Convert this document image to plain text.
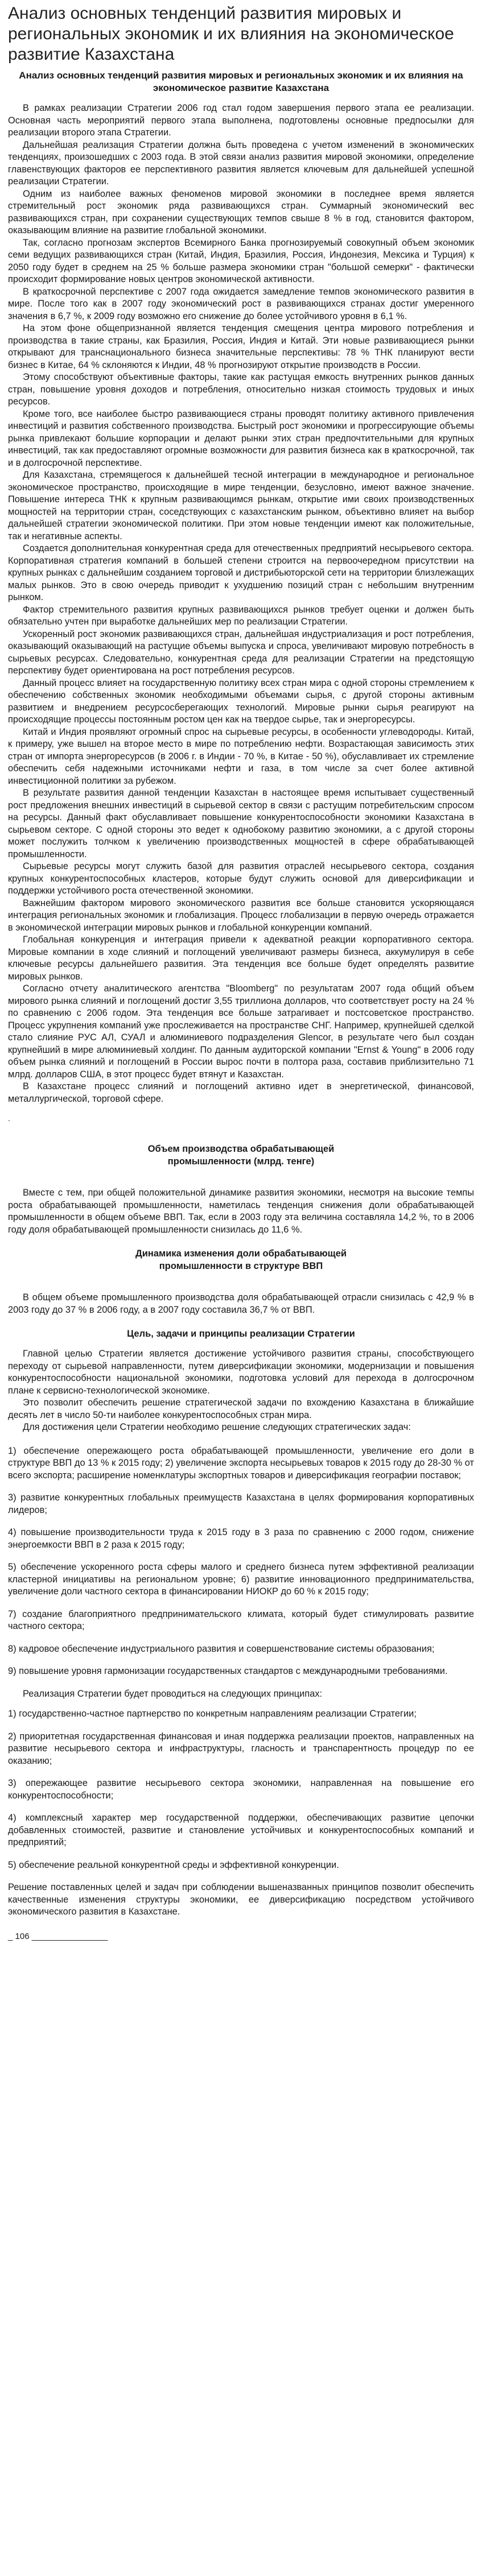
Анализ основных тенденций развития мировых и региональных экономик и их влияния на экономическое развитие Казахстана
Анализ основных тенденций развития мировых и региональных экономик и их влияния на экономическое развитие Казахстана

В рамках реализации Стратегии 2006 год стал годом завершения первого этапа ее реализации. Основная часть мероприятий первого этапа выполнена, подготовлены основные предпосылки для реализации второго этапа Стратегии.

Дальнейшая реализация Стратегии должна быть проведена с учетом изменений в экономических тенденциях, произошедших с 2003 года. В этой связи анализ развития мировой экономики, определение главенствующих факторов ее перспективного развития является ключевым для дальнейшей успешной реализации Стратегии.

Одним из наиболее важных феноменов мировой экономики в последнее время является стремительный рост экономик ряда развивающихся стран. Суммарный экономический вес развивающихся стран, при сохранении существующих темпов свыше 8 % в год, становится фактором, оказывающим влияние на развитие глобальной экономики.

Так, согласно прогнозам экспертов Всемирного Банка прогнозируемый совокупный объем экономик семи ведущих развивающихся стран (Китай, Индия, Бразилия, Россия, Индонезия, Мексика и Турция) к 2050 году будет в среднем на 25 % больше размера экономики стран "большой семерки" - фактически происходит формирование новых центров экономической активности.

В краткосрочной перспективе с 2007 года ожидается замедление темпов экономического развития в мире. После того как в 2007 году экономический рост в развивающихся странах достиг умеренного значения в 6,7 %, к 2009 году возможно его снижение до более устойчивого уровня в 6,1 %.

На этом фоне общепризнанной является тенденция смещения центра мирового потребления и производства в такие страны, как Бразилия, Россия, Индия и Китай. Эти новые развивающиеся рынки открывают для транснационального бизнеса значительные перспективы: 78 % ТНК планируют вести бизнес в Китае, 64 % склоняются к Индии, 48 % прогнозируют открытие производств в России.

Этому способствуют объективные факторы, такие как растущая емкость внутренних рынков данных стран, повышение уровня доходов и потребления, относительно низкая стоимость трудовых и иных ресурсов.

Кроме того, все наиболее быстро развивающиеся страны проводят политику активного привлечения инвестиций и развития собственного производства. Быстрый рост экономики и прогрессирующие объемы рынка привлекают большие корпорации и делают рынки этих стран предпочтительными для крупных инвестиций, так как предоставляют огромные возможности для развития бизнеса как в краткосрочной, так и в долгосрочной перспективе.

Для Казахстана, стремящегося к дальнейшей тесной интеграции в международное и региональное экономическое пространство, происходящие в мире тенденции, безусловно, имеют важное значение. Повышение интереса ТНК к крупным развивающимся рынкам, открытие ими своих производственных мощностей на территории стран, соседствующих с казахстанским рынком, объективно влияет на выбор дальнейшей стратегии экономической политики. При этом новые тенденции имеют как положительные, так и негативные аспекты.

Создается дополнительная конкурентная среда для отечественных предприятий несырьевого сектора. Корпоративная стратегия компаний в большей степени строится на первоочередном присутствии на крупных рынках с дальнейшим созданием торговой и дистрибьюторской сети на территории близлежащих малых рынков. Это в свою очередь приводит к ухудшению позиций стран с небольшим внутренним рынком.

Фактор стремительного развития крупных развивающихся рынков требует оценки и должен быть обязательно учтен при выработке дальнейших мер по реализации Стратегии.

Ускоренный рост экономик развивающихся стран, дальнейшая индустриализация и рост потребления, оказывающий оказывающий на растущие объемы выпуска и спроса, увеличивают мировую потребность в сырьевых ресурсах. Следовательно, конкурентная среда для реализации Стратегии на предстоящую перспективу будет ориентирована на рост потребления ресурсов.

Данный процесс влияет на государственную политику всех стран мира с одной стороны стремлением к обеспечению собственных экономик необходимыми объемами сырья, с другой стороны активным развитием и внедрением ресурсосберегающих технологий. Мировые рынки сырья реагируют на происходящие процессы постоянным ростом цен как на твердое сырье, так и энергоресурсы.

Китай и Индия проявляют огромный спрос на сырьевые ресурсы, в особенности углеводороды. Китай, к примеру, уже вышел на второе место в мире по потреблению нефти. Возрастающая зависимость этих стран от импорта энергоресурсов (в 2006 г. в Индии - 70 %, в Китае - 50 %), обуславливает их стремление обеспечить себя надежными источниками нефти и газа, в том числе за счет более активной инвестиционной политики за рубежом.

В результате развития данной тенденции Казахстан в настоящее время испытывает существенный рост предложения внешних инвестиций в сырьевой сектор в связи с растущим потребительским спросом на ресурсы. Данный факт обуславливает повышение конкурентоспособности экономики Казахстана в сырьевом секторе. С одной стороны это ведет к однобокому развитию экономики, а с другой стороны может послужить толчком к увеличению производственных мощностей в сфере обрабатывающей промышленности.

Сырьевые ресурсы могут служить базой для развития отраслей несырьевого сектора, создания крупных конкурентоспособных кластеров, которые будут служить основой для диверсификации и поддержки устойчивого роста отечественной экономики.

Важнейшим фактором мирового экономического развития все больше становится ускоряющаяся интеграция региональных экономик и глобализация. Процесс глобализации в первую очередь отражается в экономической интеграции мировых рынков и глобальной конкуренции компаний.

Глобальная конкуренция и интеграция привели к адекватной реакции корпоративного сектора. Мировые компании в ходе слияний и поглощений увеличивают размеры бизнеса, аккумулируя в себе ключевые ресурсы дальнейшего развития. Эта тенденция все больше будет определять развитие мировых рынков.

Согласно отчету аналитического агентства "Bloomberg" по результатам 2007 года общий объем мирового рынка слияний и поглощений достиг 3,55 триллиона долларов, что соответствует росту на 24 % по сравнению с 2006 годом. Эта тенденция все больше затрагивает и постсоветское пространство. Процесс укрупнения компаний уже прослеживается на пространстве СНГ. Например, крупнейшей сделкой стало слияние РУС АЛ, СУАЛ и алюминиевого подразделения Glencor, в результате чего был создан крупнейший в мире алюминиевый холдинг. По данным аудиторской компании "Ernst & Young" в 2006 году объем рынка слияний и поглощений в России вырос почти в полтора раза, составив приблизительно 71 млрд. долларов США, в этот процесс будет втянут и Казахстан.

В Казахстане процесс слияний и поглощений активно идет в энергетической, финансовой, металлургической, торговой сфере.

.
Объем производства обрабатывающей промышленности (млрд. тенге)

Вместе с тем, при общей положительной динамике развития экономики, несмотря на высокие темпы роста обрабатывающей промышленности, наметилась тенденция снижения доли обрабатывающей промышленности в общем объеме ВВП. Так, если в 2003 году эта величина составляла 14,2 %, то в 2006 году доля обрабатывающей промышленности снизилась до 11,6 %.

Динамика изменения доли обрабатывающей промышленности в структуре ВВП

В общем объеме промышленного производства доля обрабатывающей отрасли снизилась с 42,9 % в 2003 году до 37 % в 2006 году, а в 2007 году составила 36,7 % от ВВП.

Цель, задачи и принципы реализации Стратегии

Главной целью Стратегии является достижение устойчивого развития страны, способствующего переходу от сырьевой направленности, путем диверсификации экономики, модернизации и повышения конкурентоспособности национальной экономики, подготовка условий для перехода в долгосрочном плане к сервисно-технологической экономике.

Это позволит обеспечить решение стратегической задачи по вхождению Казахстана в ближайшие десять лет в число 50-ти наиболее конкурентоспособных стран мира.

Для достижения цели Стратегии необходимо решение следующих стратегических задач:

1) обеспечение опережающего роста обрабатывающей промышленности, увеличение его доли в структуре ВВП до 13 % к 2015 году; 2) увеличение экспорта несырьевых товаров к 2015 году до 28-30 % от всего экспорта; расширение номенклатуры экспортных товаров и диверсификация географии поставок;
3) развитие конкурентных глобальных преимуществ Казахстана в целях формирования корпоративных лидеров;
4) повышение производительности труда к 2015 году в 3 раза по сравнению с 2000 годом, снижение энергоемкости ВВП в 2 раза к 2015 году;
5) обеспечение ускоренного роста сферы малого и среднего бизнеса путем эффективной реализации кластерной инициативы на региональном уровне; 6) развитие инновационного предпринимательства, увеличение доли частного сектора в финансировании НИОКР до 60 % к 2015 году;
7) создание благоприятного предпринимательского климата, который будет стимулировать развитие частного сектора;
8) кадровое обеспечение индустриального развития и совершенствование системы образования;
9) повышение уровня гармонизации государственных стандартов с международными требованиями.

Реализация Стратегии будет проводиться на следующих принципах:

1) государственно-частное партнерство по конкретным направлениям реализации Стратегии;
2) приоритетная государственная финансовая и иная поддержка реализации проектов, направленных на развитие несырьевого сектора и инфраструктуры, гласность и транспарентность процедур по ее оказанию;
3) опережающее развитие несырьевого сектора экономики, направленная на повышение его конкурентоспособности;
4) комплексный характер мер государственной поддержки, обеспечивающих развитие цепочки добавленных стоимостей, развитие и становление устойчивых и конкурентоспособных компаний и предприятий;
5) обеспечение реальной конкурентной среды и эффективной конкуренции.
Решение поставленных целей и задач при соблюдении вышеназванных принципов позволит обеспечить качественные изменения структуры экономики, ее диверсификацию посредством устойчивого экономического развития в Казахстане.
_ 106 ________________
